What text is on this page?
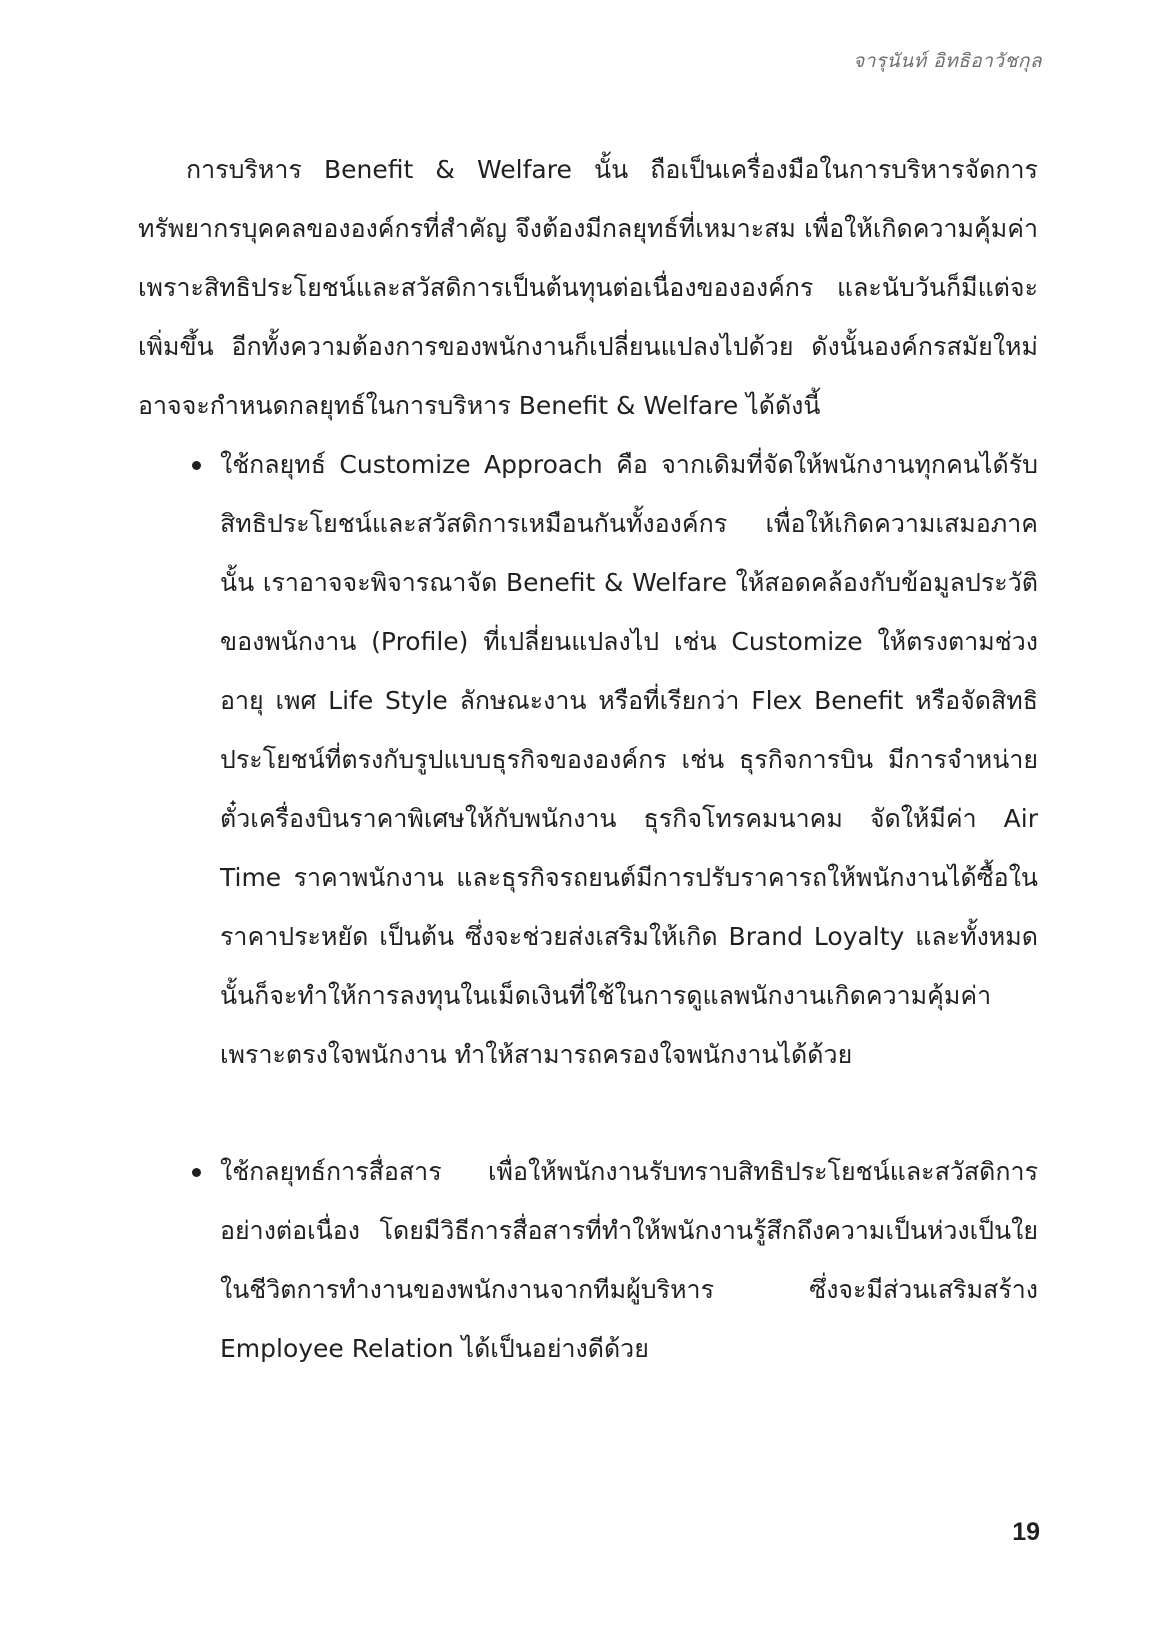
จารุนันท์ อิทธิอาวัชกุล

การบริหาร Benefit & Welfare นั้น ถือเป็นเครื่องมือในการบริหารจัดการทรัพยากรบุคคลขององค์กรที่สำคัญ จึงต้องมีกลยุทธ์ที่เหมาะสม เพื่อให้เกิดความคุ้มค่า เพราะสิทธิประโยชน์และสวัสดิการเป็นต้นทุนต่อเนื่องขององค์กร และนับวันก็มีแต่จะเพิ่มขึ้น อีกทั้งความต้องการของพนักงานก็เปลี่ยนแปลงไปด้วย ดังนั้นองค์กรสมัยใหม่อาจจะกำหนดกลยุทธ์ในการบริหาร Benefit & Welfare ได้ดังนี้

ใช้กลยุทธ์ Customize Approach คือ จากเดิมที่จัดให้พนักงานทุกคนได้รับสิทธิประโยชน์และสวัสดิการเหมือนกันทั้งองค์กร เพื่อให้เกิดความเสมอภาคนั้น เราอาจจะพิจารณาจัด Benefit & Welfare ให้สอดคล้องกับข้อมูลประวัติของพนักงาน (Profile) ที่เปลี่ยนแปลงไป เช่น Customize ให้ตรงตามช่วงอายุ เพศ Life Style ลักษณะงาน หรือที่เรียกว่า Flex Benefit หรือจัดสิทธิประโยชน์ที่ตรงกับรูปแบบธุรกิจขององค์กร เช่น ธุรกิจการบิน มีการจำหน่ายตั๋วเครื่องบินราคาพิเศษให้กับพนักงาน ธุรกิจโทรคมนาคม จัดให้มีค่า Air Time ราคาพนักงาน และธุรกิจรถยนต์มีการปรับราคารถให้พนักงานได้ซื้อในราคาประหยัด เป็นต้น ซึ่งจะช่วยส่งเสริมให้เกิด Brand Loyalty และทั้งหมดนั้นก็จะทำให้การลงทุนในเม็ดเงินที่ใช้ในการดูแลพนักงานเกิดความคุ้มค่า เพราะตรงใจพนักงาน ทำให้สามารถครองใจพนักงานได้ด้วย
ใช้กลยุทธ์การสื่อสาร เพื่อให้พนักงานรับทราบสิทธิประโยชน์และสวัสดิการอย่างต่อเนื่อง โดยมีวิธีการสื่อสารที่ทำให้พนักงานรู้สึกถึงความเป็นห่วงเป็นใยในชีวิตการทำงานของพนักงานจากทีมผู้บริหาร ซึ่งจะมีส่วนเสริมสร้าง Employee Relation ได้เป็นอย่างดีด้วย
19
